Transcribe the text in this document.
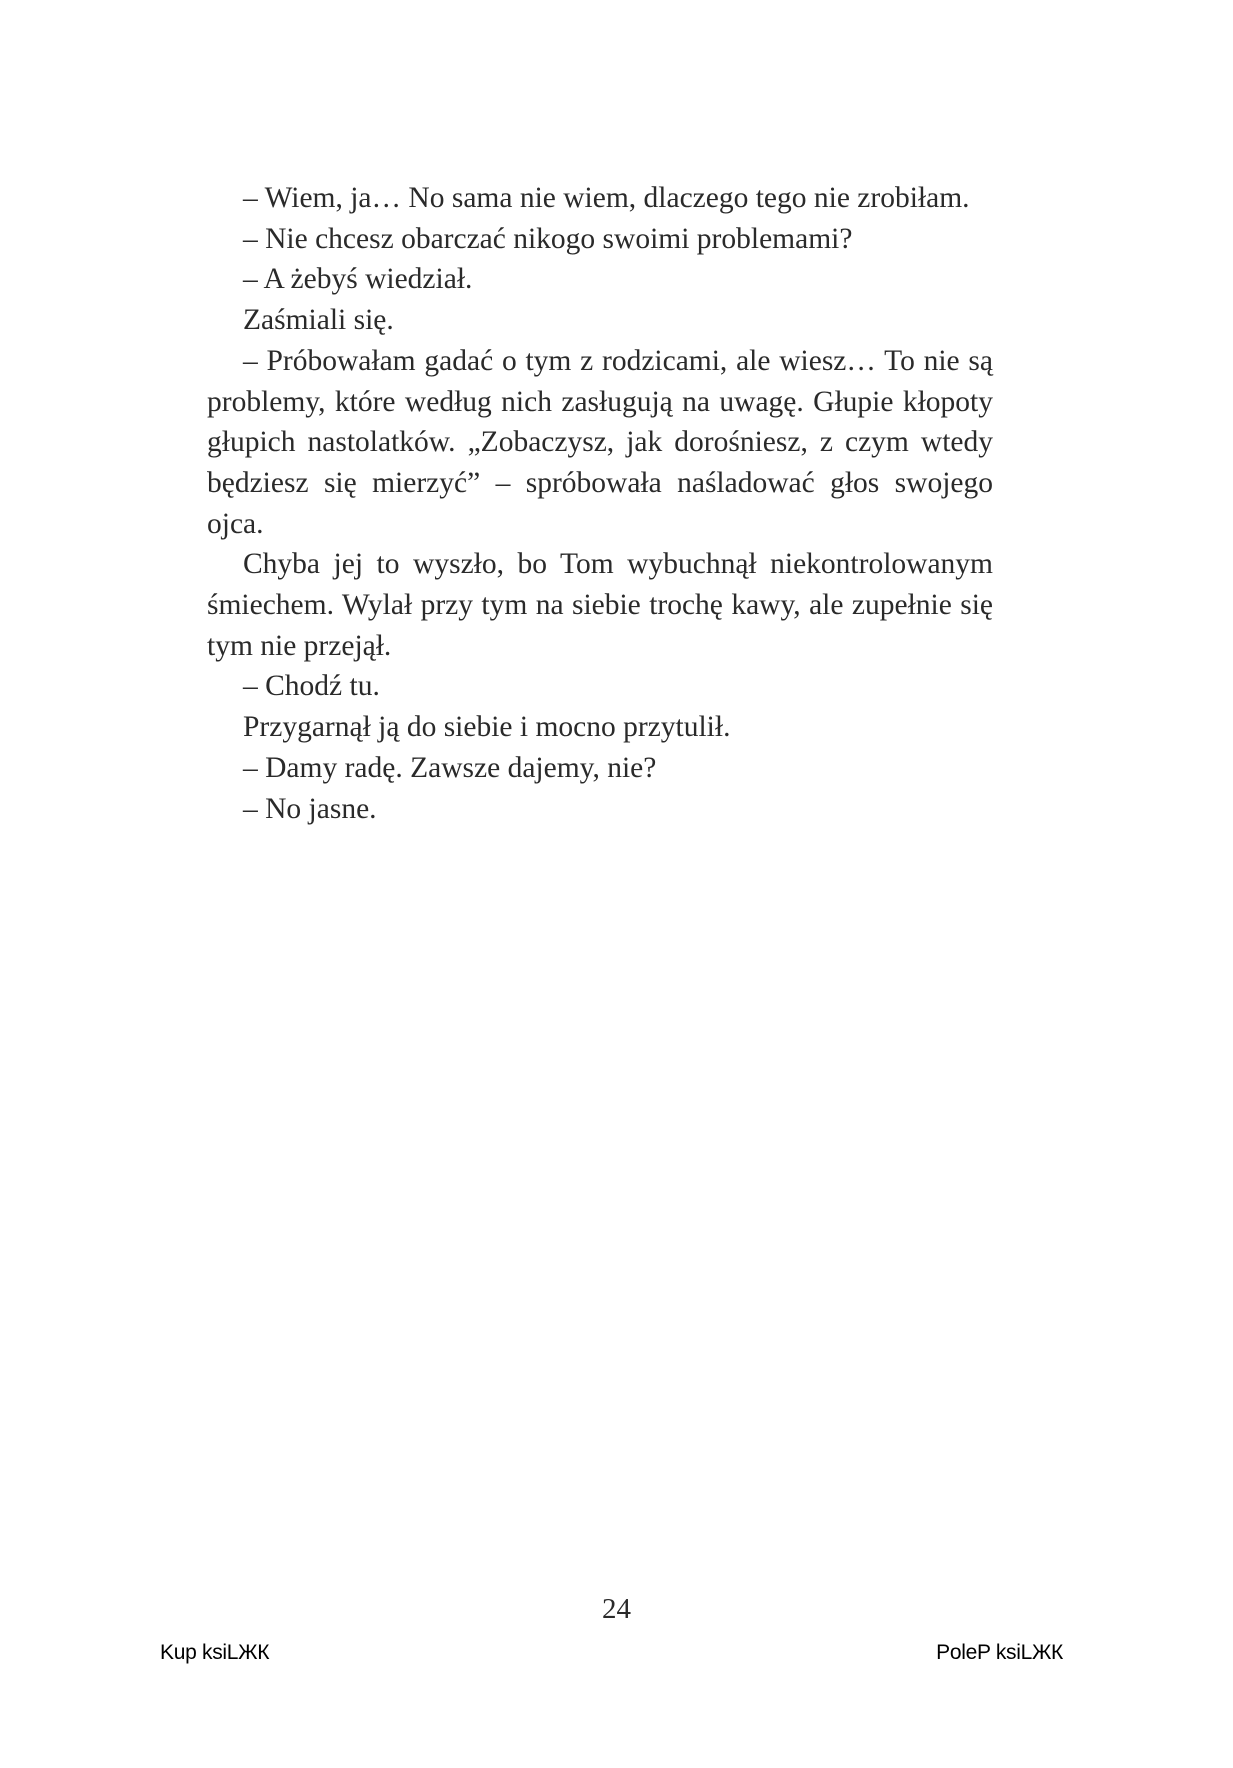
– Wiem, ja… No sama nie wiem, dlaczego tego nie zrobiłam.

– Nie chcesz obarczać nikogo swoimi problemami?

– A żebyś wiedział.

Zaśmiali się.

– Próbowałam gadać o tym z rodzicami, ale wiesz… To nie są problemy, które według nich zasługują na uwagę. Głupie kłopoty głupich nastolatków. „Zobaczysz, jak dorośniesz, z czym wtedy będziesz się mierzyć” – spróbowała naśladować głos swojego ojca.

Chyba jej to wyszło, bo Tom wybuchnął niekontrolowanym śmiechem. Wylał przy tym na siebie trochę kawy, ale zupełnie się tym nie przejął.

– Chodź tu.

Przygarnął ją do siebie i mocno przytulił.

– Damy radę. Zawsze dajemy, nie?

– No jasne.

24
Kup ksiLЖК	PoleP ksiLЖК
